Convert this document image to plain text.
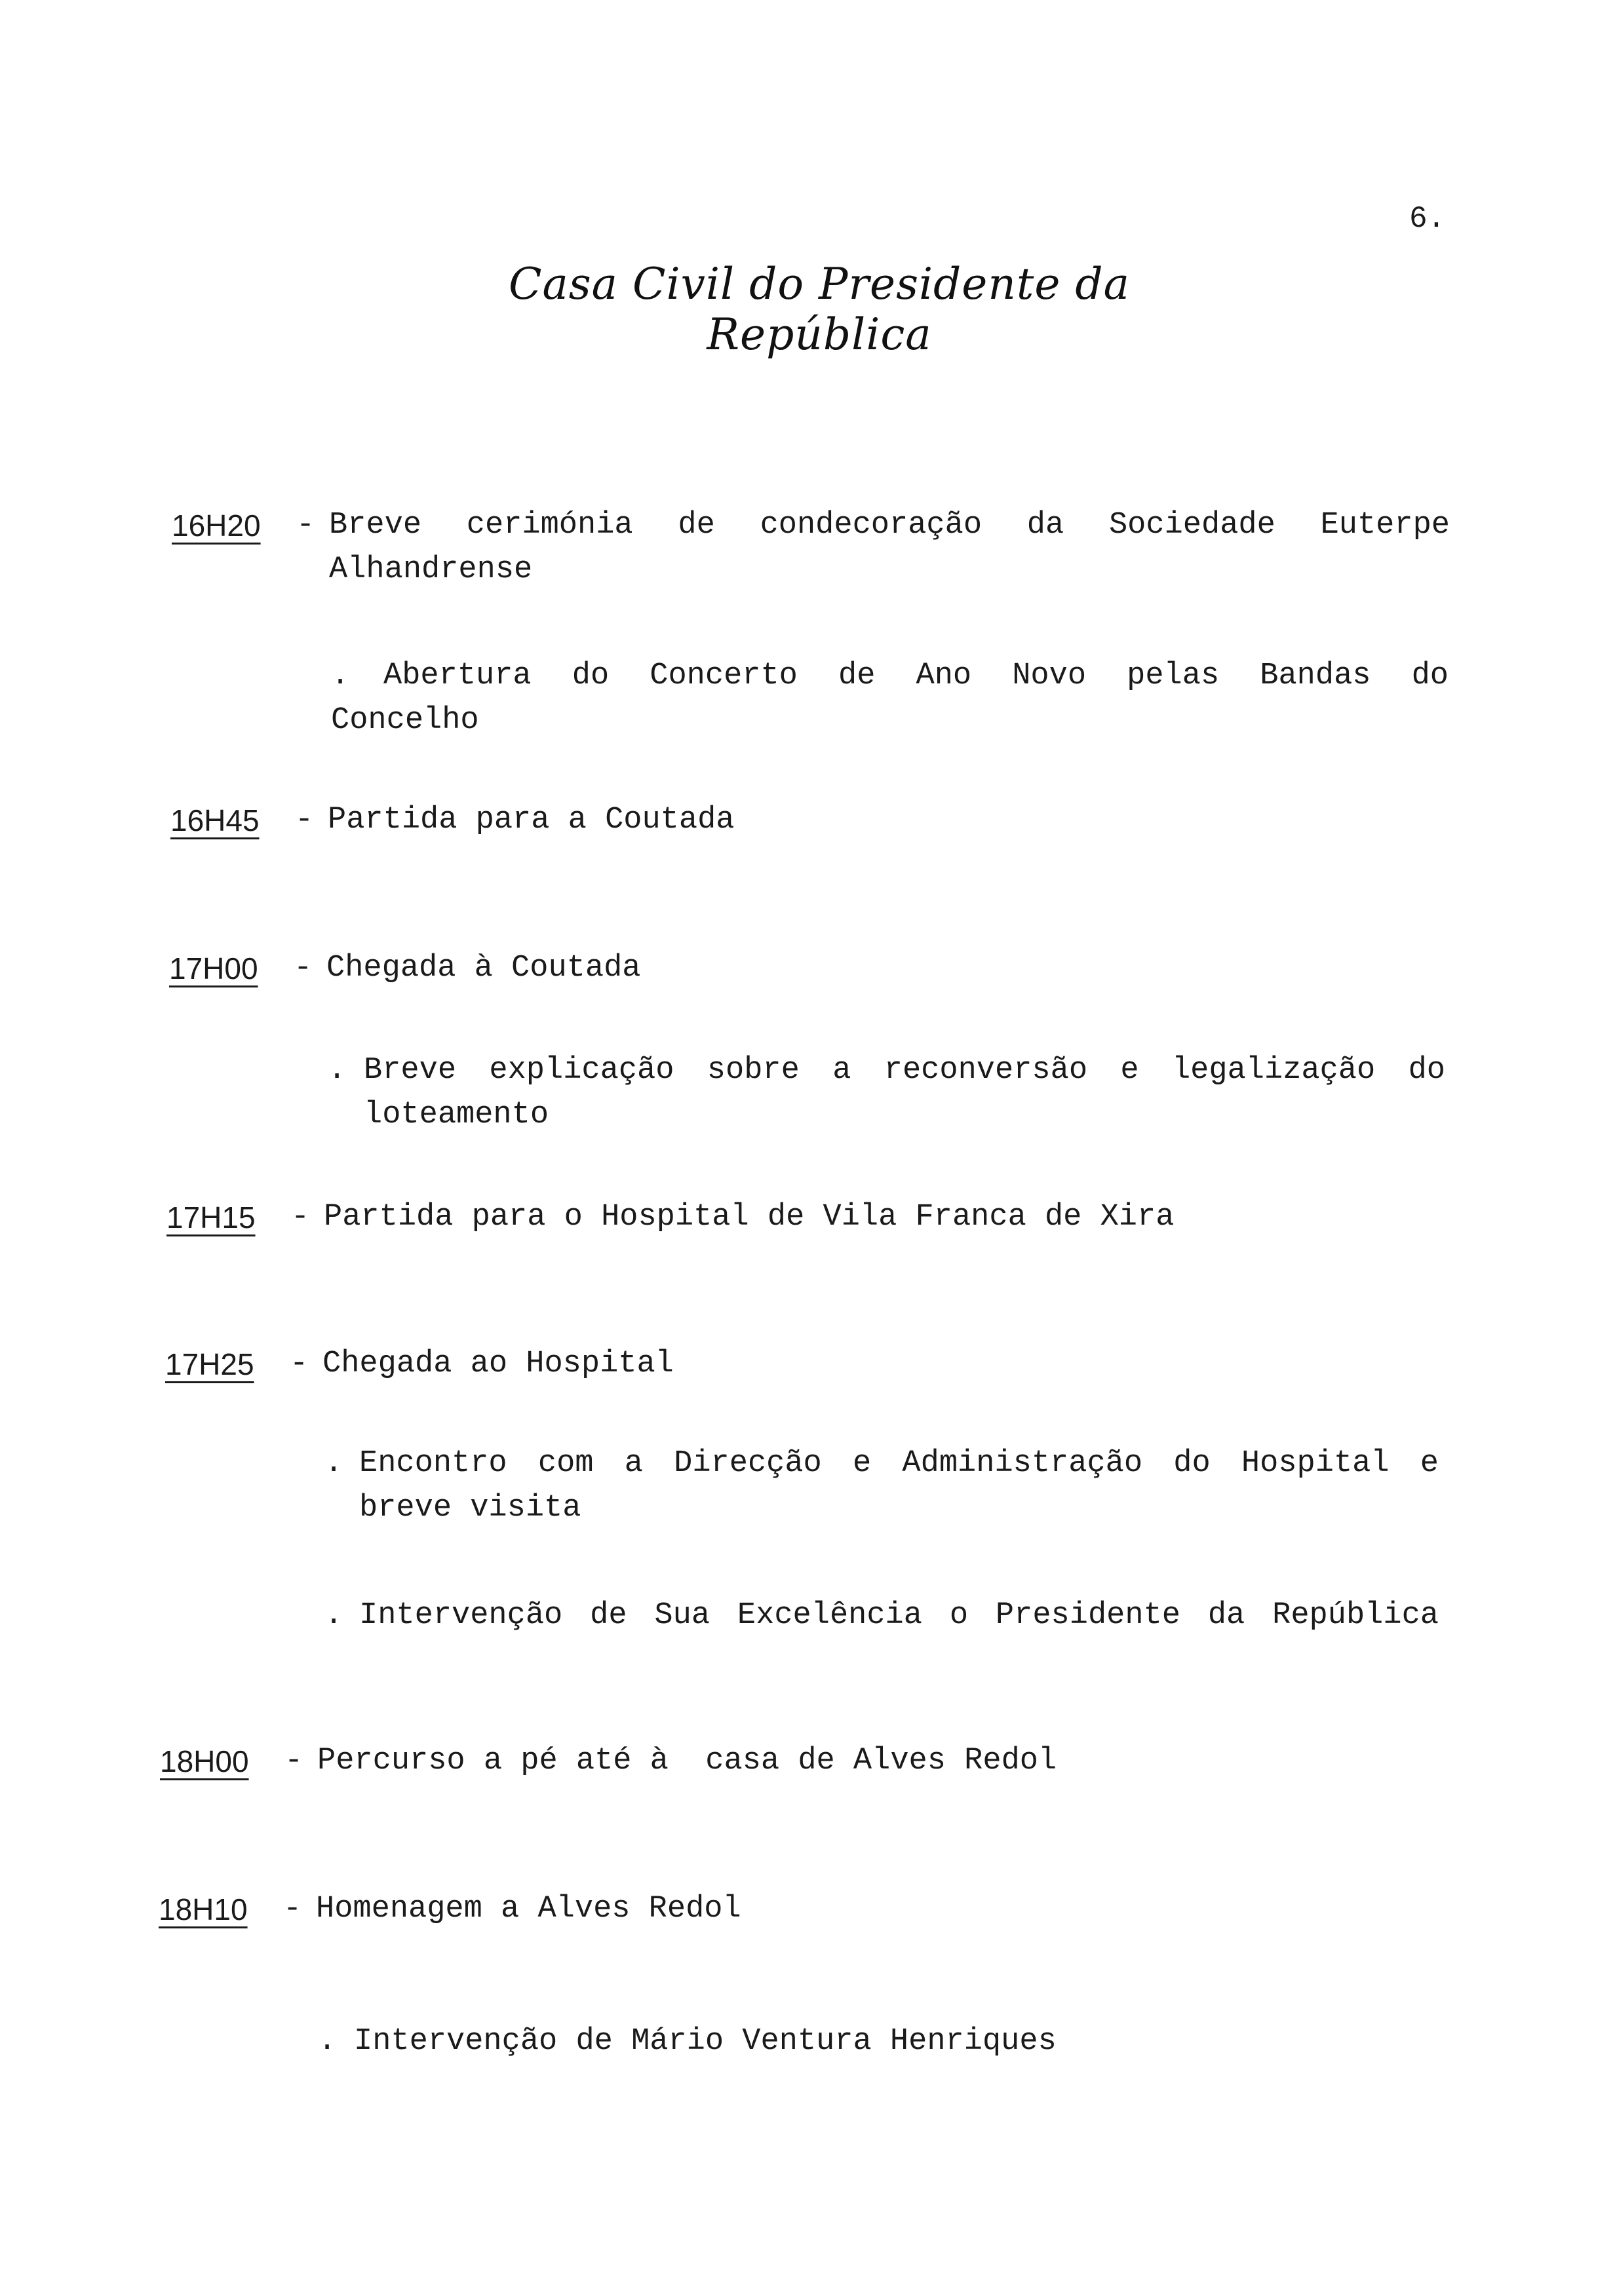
6.
Casa Civil do Presidente da República
16H20 - Breve cerimónia de condecoração da Sociedade Euterpe
Alhandrense
. Abertura do Concerto de Ano Novo pelas Bandas do
Concelho
16H45 - Partida para a Coutada
17H00 - Chegada à Coutada
. Breve explicação sobre a reconversão e legalização do
loteamento
17H15 - Partida para o Hospital de Vila Franca de Xira
17H25 - Chegada ao Hospital
. Encontro com a Direcção e Administração do Hospital e
breve visita
. Intervenção de Sua Excelência o Presidente da República
18H00 - Percurso a pé até à  casa de Alves Redol
18H10 - Homenagem a Alves Redol
. Intervenção de Mário Ventura Henriques
